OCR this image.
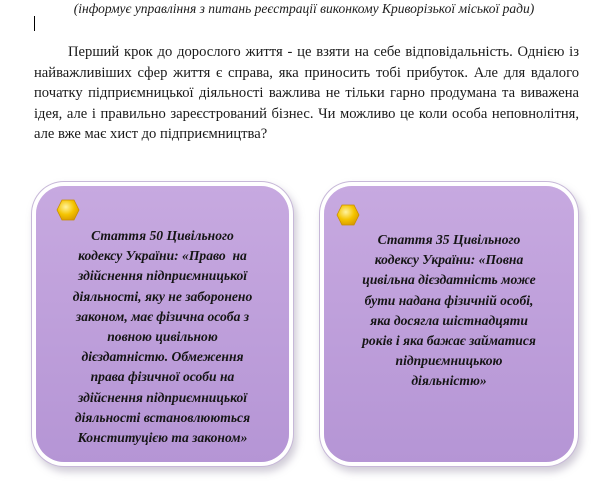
(інформує управління з питань реєстрації виконкому Криворізької міської ради)

Перший крок до дорослого життя - це взяти на себе відповідальність. Однією із найважливіших сфер життя є справа, яка приносить тобі прибуток. Але для вдалого початку підприємницької діяльності важлива не тільки гарно продумана та виважена ідея, але і правильно зареєстрований бізнес. Чи можливо це коли особа неповнолітня, але вже має хист до підприємництва?

Стаття 50 Цивільного
кодексу України: «Право  на
здійснення підприємницької
діяльності, яку не заборонено
законом, має фізична особа з
повною цивільною
дієздатністю. Обмеження
права фізичної особи на
здійснення підприємницької
діяльності встановлюються
Конституцією та законом»
Стаття 35 Цивільного
кодексу України: «Повна
цивільна дієздатність може
бути надана фізичній особі,
яка досягла шістнадцяти
років і яка бажає займатися
підприємницькою
діяльністю»
